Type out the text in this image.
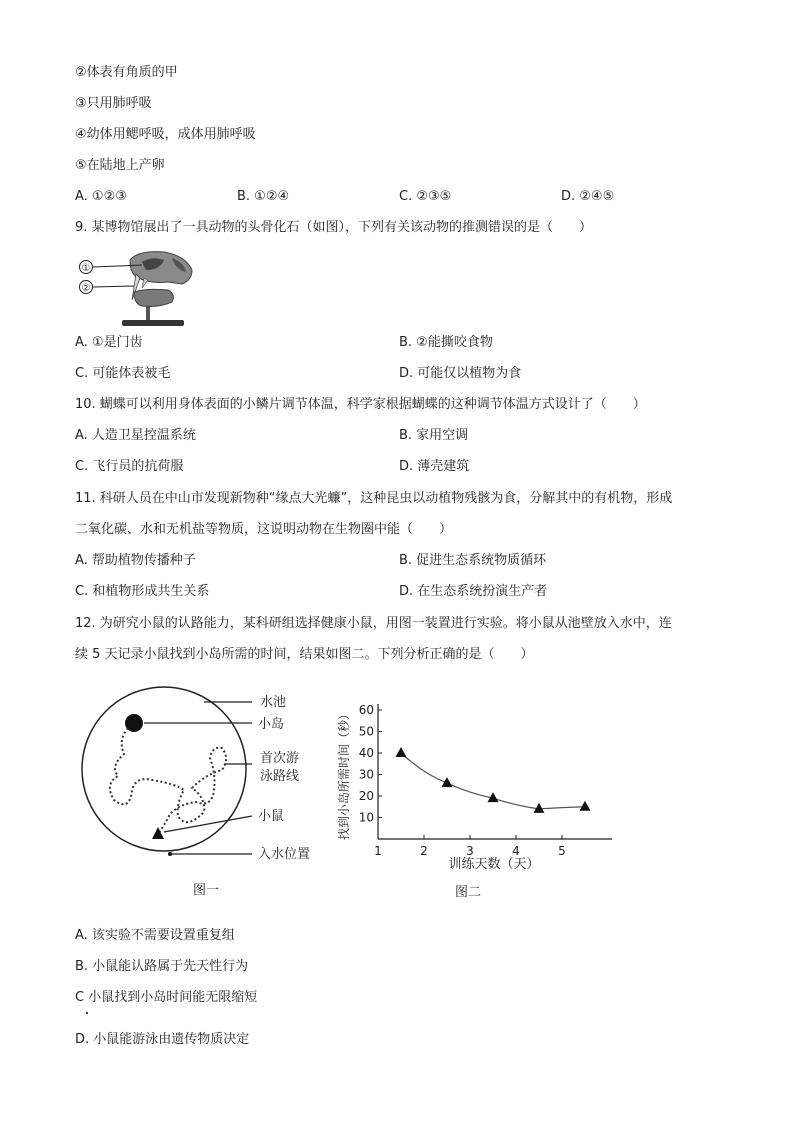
②体表有角质的甲
③只用肺呼吸
④幼体用鳃呼吸，成体用肺呼吸
⑤在陆地上产卵
A. ①②③	B. ①②④	C. ②③⑤	D. ②④⑤
9. 某博物馆展出了一具动物的头骨化石（如图），下列有关该动物的推测错误的是（　　）
①
②
A. ①是门齿	B. ②能撕咬食物
C. 可能体表被毛	D. 可能仅以植物为食
10. 蝴蝶可以利用身体表面的小鳞片调节体温，科学家根据蝴蝶的这种调节体温方式设计了（　　）
A. 人造卫星控温系统	B. 家用空调
C. 飞行员的抗荷服	D. 薄壳建筑
11. 科研人员在中山市发现新物种“缘点大光蠊”，这种昆虫以动植物残骸为食，分解其中的有机物，形成
二氧化碳、水和无机盐等物质，这说明动物在生物圈中能（　　）
A. 帮助植物传播种子	B. 促进生态系统物质循环
C. 和植物形成共生关系	D. 在生态系统扮演生产者
12. 为研究小鼠的认路能力，某科研组选择健康小鼠，用图一装置进行实验。将小鼠从池壁放入水中，连
续 5 天记录小鼠找到小岛所需的时间，结果如图二。下列分析正确的是（　　）
水池
小岛
首次游
泳路线
小鼠
入水位置
图一
找到小岛所需时间（秒）
训练天数（天）
图二
10
20
30
40
50
60
1	2	3	4	5
A. 该实验不需要设置重复组
B. 小鼠能认路属于先天性行为
C 小鼠找到小岛时间能无限缩短
D. 小鼠能游泳由遗传物质决定
